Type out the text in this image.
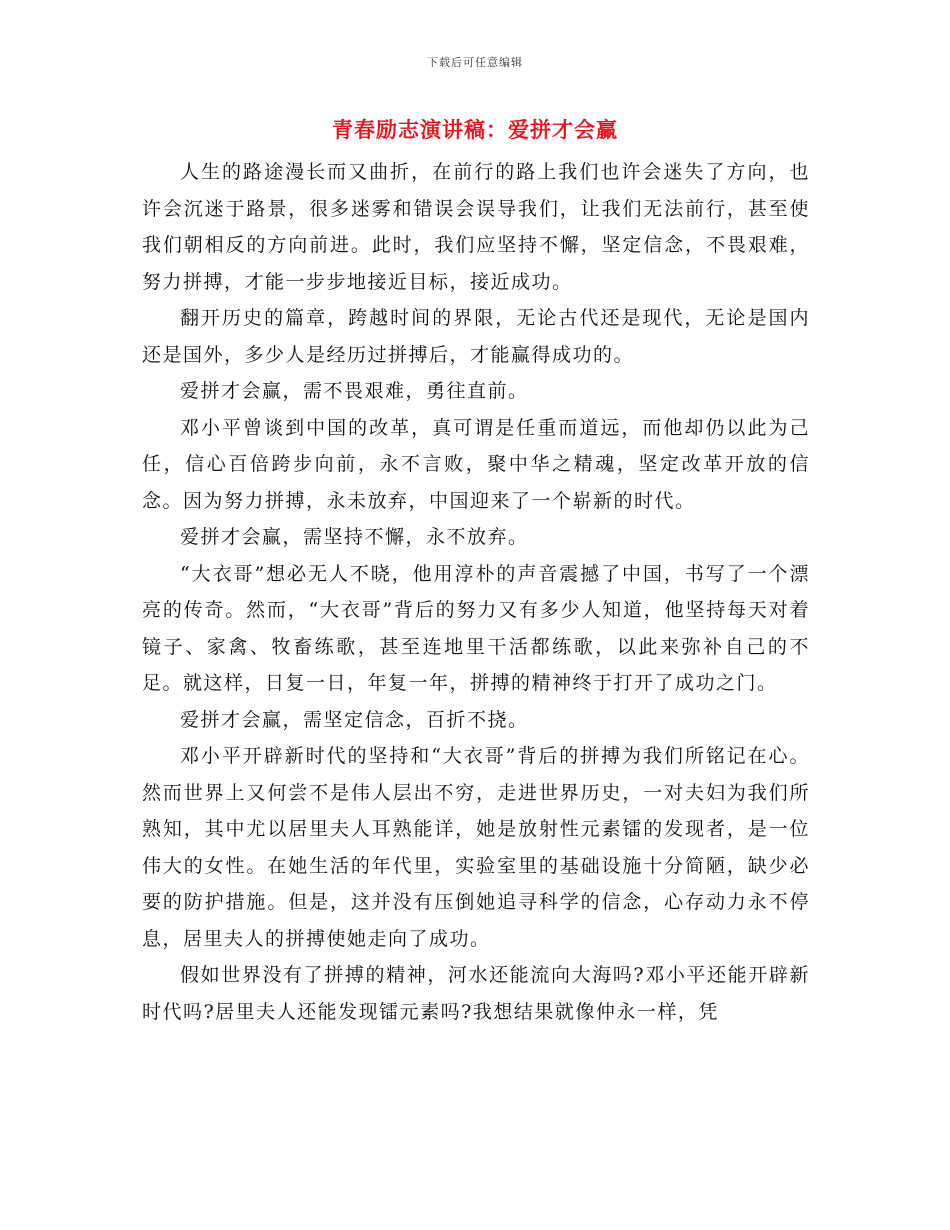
下载后可任意编辑
青春励志演讲稿：爱拼才会赢

人生的路途漫长而又曲折，在前行的路上我们也许会迷失了方向，也许会沉迷于路景，很多迷雾和错误会误导我们，让我们无法前行，甚至使我们朝相反的方向前进。此时，我们应坚持不懈，坚定信念，不畏艰难，努力拼搏，才能一步步地接近目标，接近成功。

翻开历史的篇章，跨越时间的界限，无论古代还是现代，无论是国内还是国外，多少人是经历过拼搏后，才能赢得成功的。

爱拼才会赢，需不畏艰难，勇往直前。

邓小平曾谈到中国的改革，真可谓是任重而道远，而他却仍以此为己任，信心百倍跨步向前，永不言败，聚中华之精魂，坚定改革开放的信念。因为努力拼搏，永未放弃，中国迎来了一个崭新的时代。

爱拼才会赢，需坚持不懈，永不放弃。

“大衣哥”想必无人不晓，他用淳朴的声音震撼了中国，书写了一个漂亮的传奇。然而，“大衣哥”背后的努力又有多少人知道，他坚持每天对着镜子、家禽、牧畜练歌，甚至连地里干活都练歌，以此来弥补自己的不足。就这样，日复一日，年复一年，拼搏的精神终于打开了成功之门。

爱拼才会赢，需坚定信念，百折不挠。

邓小平开辟新时代的坚持和“大衣哥”背后的拼搏为我们所铭记在心。然而世界上又何尝不是伟人层出不穷，走进世界历史，一对夫妇为我们所熟知，其中尤以居里夫人耳熟能详，她是放射性元素镭的发现者，是一位伟大的女性。在她生活的年代里，实验室里的基础设施十分简陋，缺少必要的防护措施。但是，这并没有压倒她追寻科学的信念，心存动力永不停息，居里夫人的拼搏使她走向了成功。

假如世界没有了拼搏的精神，河水还能流向大海吗?邓小平还能开辟新时代吗?居里夫人还能发现镭元素吗?我想结果就像仲永一样，凭
